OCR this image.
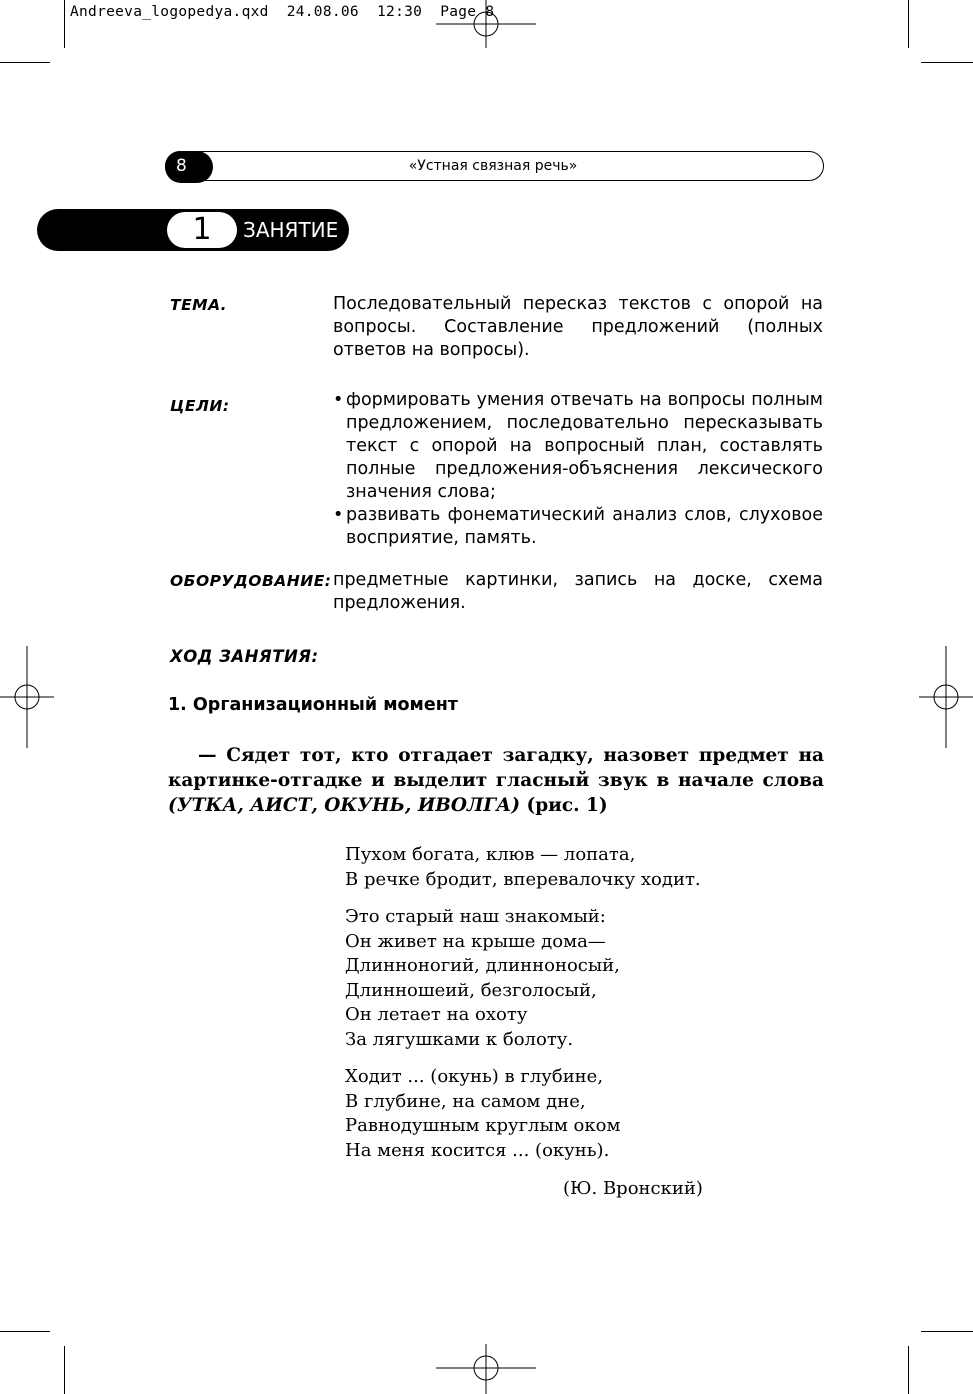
Andreeva_logopedya.qxd  24.08.06  12:30  Page 8
8	«Устная связная речь»
1	ЗАНЯТИЕ
ТЕМА.	Последовательный пересказ текстов с опорой на вопросы. Составление предложений (полных ответов на вопросы).
ЦЕЛИ:
•	формировать умения отвечать на вопросы полным предложением, последовательно пересказывать текст с опорой на вопросный план, составлять полные предложения-объяснения лексического значения слова;
• развивать фонематический анализ слов, слуховое восприятие, память.
ОБОРУДОВАНИЕ: предметные картинки, запись на доске, схема предложения.
ХОД ЗАНЯТИЯ:
1. Организационный момент
— Сядет тот, кто отгадает загадку, назовет предмет на картинке-отгадке и выделит гласный звук в начале слова (УТКА, АИСТ, ОКУНЬ, ИВОЛГА) (рис. 1)
Пухом богата, клюв — лопата,
В речке бродит, вперевалочку ходит.
Это старый наш знакомый:
Он живет на крыше дома—
Длинноногий, длинноносый,
Длинношеий, безголосый,
Он летает на охоту
За лягушками к болоту.
Ходит ... (окунь) в глубине,
В глубине, на самом дне,
Равнодушным круглым оком
На меня косится ... (окунь).
(Ю. Вронский)
